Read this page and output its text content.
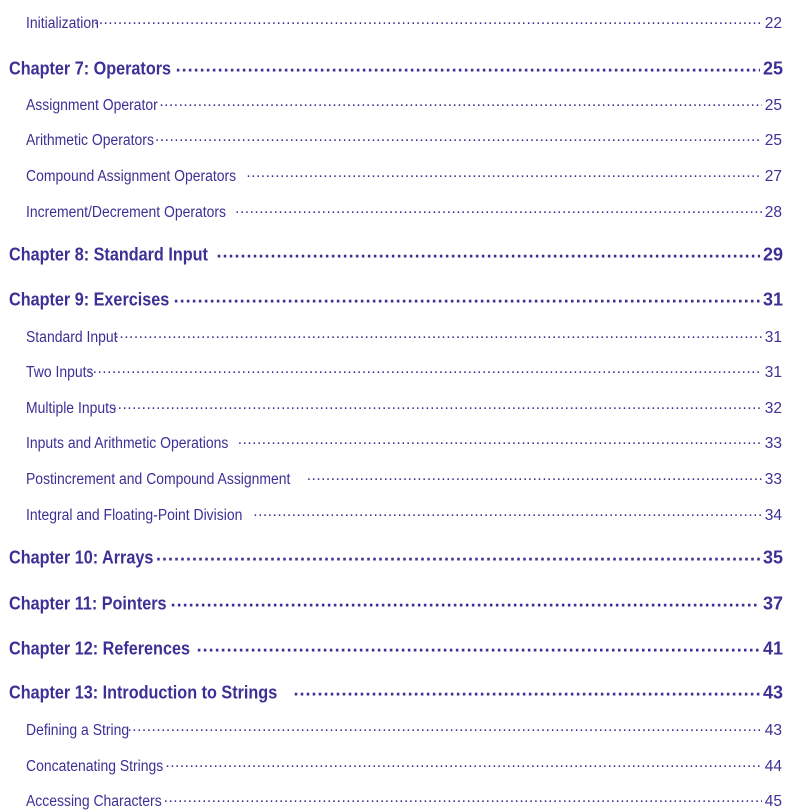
Initialization .....	22
Chapter 7: Operators .....	25
Assignment Operator .....	25
Arithmetic Operators .....	25
Compound Assignment Operators .....	27
Increment/Decrement Operators .....	28
Chapter 8: Standard Input .....	29
Chapter 9: Exercises .....	31
Standard Input .....	31
Two Inputs .....	31
Multiple Inputs .....	32
Inputs and Arithmetic Operations .....	33
Postincrement and Compound Assignment .....	33
Integral and Floating-Point Division .....	34
Chapter 10: Arrays .....	35
Chapter 11: Pointers .....	37
Chapter 12: References .....	41
Chapter 13: Introduction to Strings .....	43
Defining a String .....	43
Concatenating Strings .....	44
Accessing Characters .....	45
